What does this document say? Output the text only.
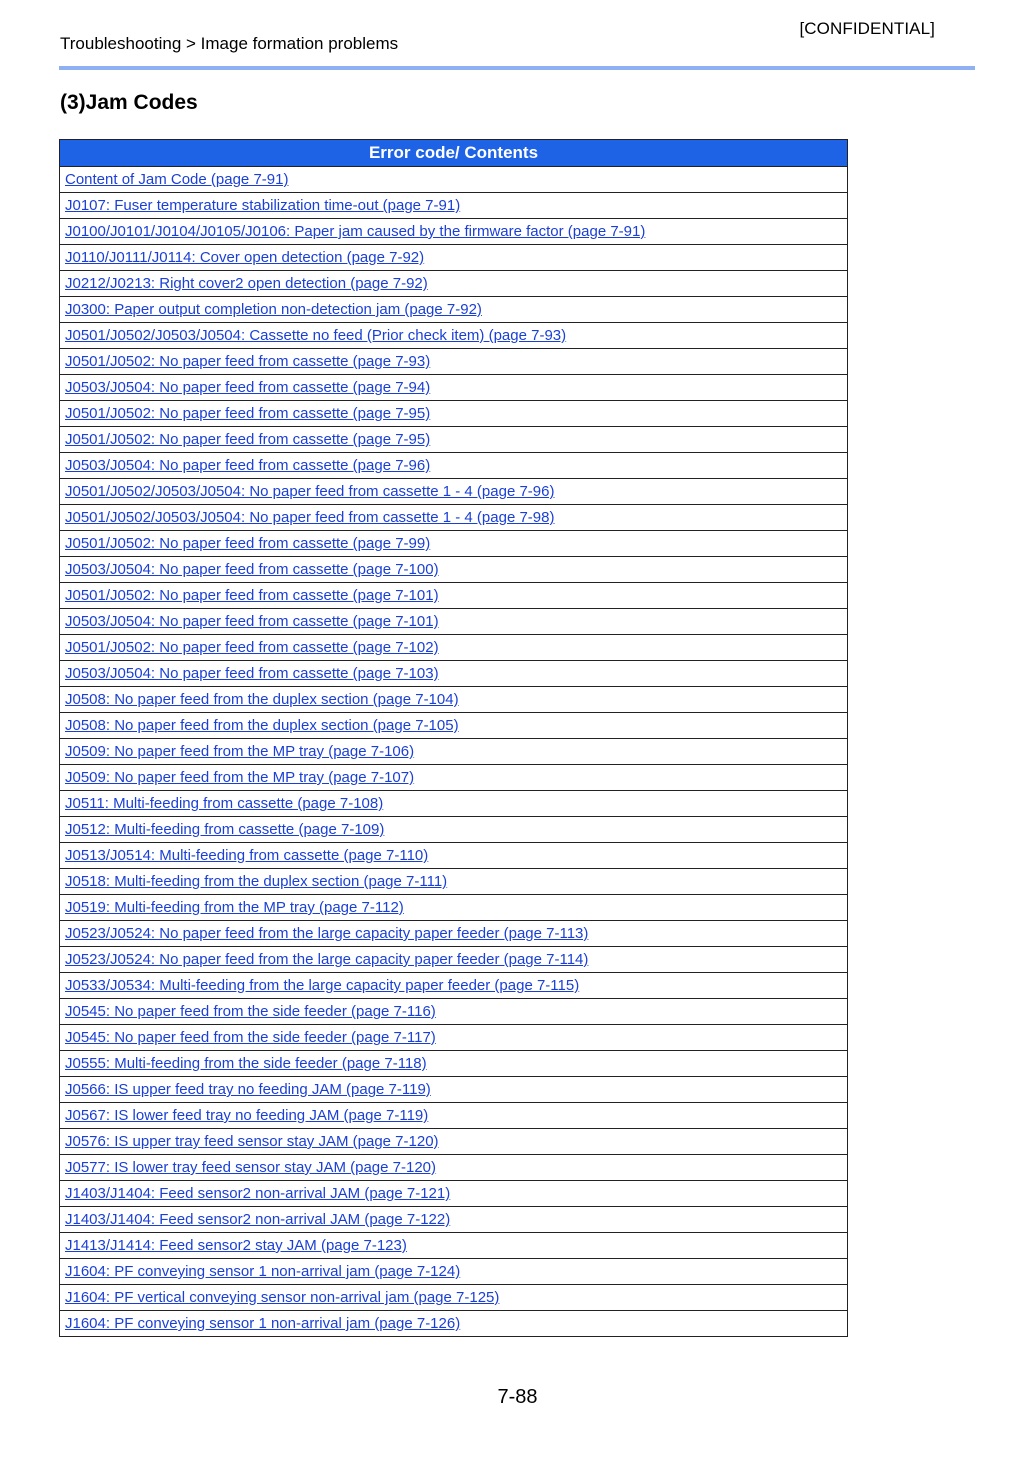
[CONFIDENTIAL]
Troubleshooting > Image formation problems
(3)Jam Codes
Error code/ Contents
Content of Jam Code (page 7-91)
J0107: Fuser temperature stabilization time-out (page 7-91)
J0100/J0101/J0104/J0105/J0106: Paper jam caused by the firmware factor (page 7-91)
J0110/J0111/J0114: Cover open detection (page 7-92)
J0212/J0213: Right cover2 open detection (page 7-92)
J0300: Paper output completion non-detection jam (page 7-92)
J0501/J0502/J0503/J0504: Cassette no feed (Prior check item) (page 7-93)
J0501/J0502: No paper feed from cassette (page 7-93)
J0503/J0504: No paper feed from cassette (page 7-94)
J0501/J0502: No paper feed from cassette (page 7-95)
J0501/J0502: No paper feed from cassette (page 7-95)
J0503/J0504: No paper feed from cassette (page 7-96)
J0501/J0502/J0503/J0504: No paper feed from cassette 1 - 4 (page 7-96)
J0501/J0502/J0503/J0504: No paper feed from cassette 1 - 4 (page 7-98)
J0501/J0502: No paper feed from cassette (page 7-99)
J0503/J0504: No paper feed from cassette (page 7-100)
J0501/J0502: No paper feed from cassette (page 7-101)
J0503/J0504: No paper feed from cassette (page 7-101)
J0501/J0502: No paper feed from cassette (page 7-102)
J0503/J0504: No paper feed from cassette (page 7-103)
J0508: No paper feed from the duplex section (page 7-104)
J0508: No paper feed from the duplex section (page 7-105)
J0509: No paper feed from the MP tray (page 7-106)
J0509: No paper feed from the MP tray (page 7-107)
J0511: Multi-feeding from cassette (page 7-108)
J0512: Multi-feeding from cassette (page 7-109)
J0513/J0514: Multi-feeding from cassette (page 7-110)
J0518: Multi-feeding from the duplex section (page 7-111)
J0519: Multi-feeding from the MP tray (page 7-112)
J0523/J0524: No paper feed from the large capacity paper feeder (page 7-113)
J0523/J0524: No paper feed from the large capacity paper feeder (page 7-114)
J0533/J0534: Multi-feeding from the large capacity paper feeder (page 7-115)
J0545: No paper feed from the side feeder (page 7-116)
J0545: No paper feed from the side feeder (page 7-117)
J0555: Multi-feeding from the side feeder (page 7-118)
J0566: IS upper feed tray no feeding JAM (page 7-119)
J0567: IS lower feed tray no feeding JAM (page 7-119)
J0576: IS upper tray feed sensor stay JAM (page 7-120)
J0577: IS lower tray feed sensor stay JAM (page 7-120)
J1403/J1404: Feed sensor2 non-arrival JAM (page 7-121)
J1403/J1404: Feed sensor2 non-arrival JAM (page 7-122)
J1413/J1414: Feed sensor2 stay JAM (page 7-123)
J1604: PF conveying sensor 1 non-arrival jam (page 7-124)
J1604: PF vertical conveying sensor non-arrival jam (page 7-125)
J1604: PF conveying sensor 1 non-arrival jam (page 7-126)
7-88
